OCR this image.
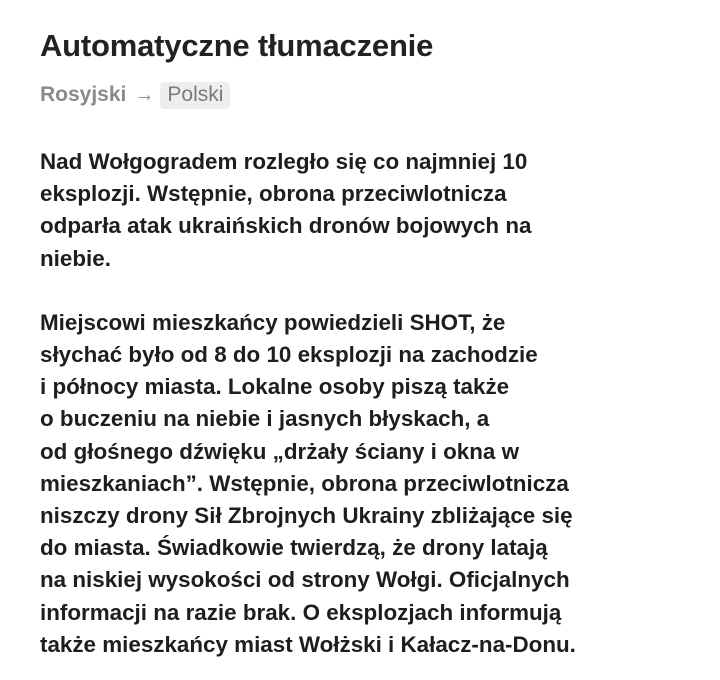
Automatyczne tłumaczenie
Rosyjski → Polski

Nad Wołgogradem rozległo się co najmniej 10
eksplozji. Wstępnie, obrona przeciwlotnicza
odparła atak ukraińskich dronów bojowych na
niebie.

Miejscowi mieszkańcy powiedzieli SHOT, że
słychać było od 8 do 10 eksplozji na zachodzie
i północy miasta. Lokalne osoby piszą także
o buczeniu na niebie i jasnych błyskach, a
od głośnego dźwięku „drżały ściany i okna w
mieszkaniach”. Wstępnie, obrona przeciwlotnicza
niszczy drony Sił Zbrojnych Ukrainy zbliżające się
do miasta. Świadkowie twierdzą, że drony latają
na niskiej wysokości od strony Wołgi. Oficjalnych
informacji na razie brak. O eksplozjach informują
także mieszkańcy miast Wołżski i Kałacz-na-Donu.
